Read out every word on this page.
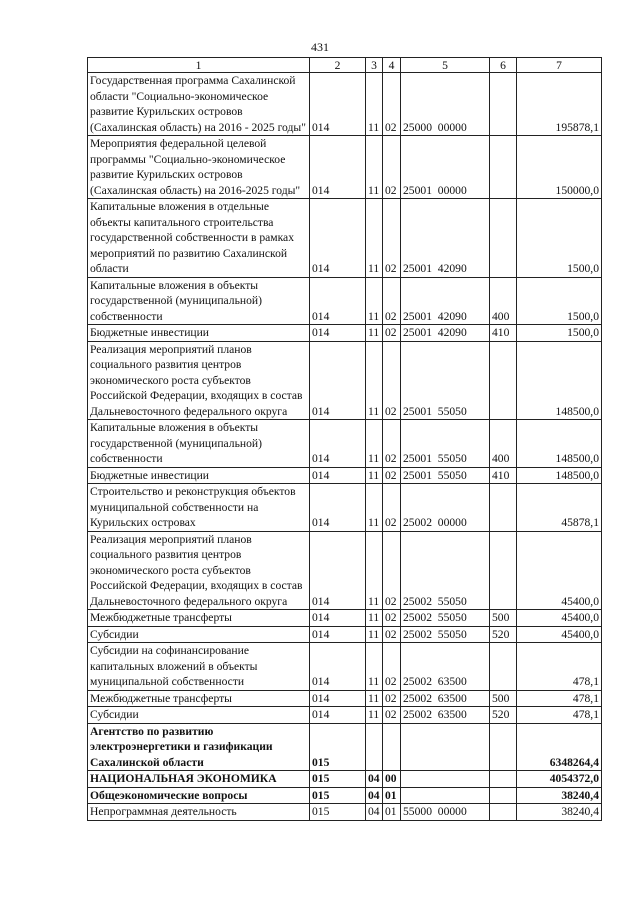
431
1	2	3	4	5	6	7
Государственная программа Сахалинской области "Социально-экономическое развитие Курильских островов (Сахалинская область) на 2016 - 2025 годы"	014	11	02	25000  00000		195878,1
Мероприятия федеральной целевой программы "Социально-экономическое развитие Курильских островов (Сахалинская область) на 2016-2025 годы"	014	11	02	25001  00000		150000,0
Капитальные вложения в отдельные объекты капитального строительства государственной собственности в рамках мероприятий по развитию Сахалинской области	014	11	02	25001  42090		1500,0
Капитальные вложения в объекты государственной (муниципальной) собственности	014	11	02	25001  42090	400	1500,0
Бюджетные инвестиции	014	11	02	25001  42090	410	1500,0
Реализация мероприятий планов социального развития центров экономического роста субъектов Российской Федерации, входящих в состав Дальневосточного федерального округа	014	11	02	25001  55050		148500,0
Капитальные вложения в объекты государственной (муниципальной) собственности	014	11	02	25001  55050	400	148500,0
Бюджетные инвестиции	014	11	02	25001  55050	410	148500,0
Строительство и реконструкция объектов муниципальной собственности на Курильских островах	014	11	02	25002  00000		45878,1
Реализация мероприятий планов социального развития центров экономического роста субъектов Российской Федерации, входящих в состав Дальневосточного федерального округа	014	11	02	25002  55050		45400,0
Межбюджетные трансферты	014	11	02	25002  55050	500	45400,0
Субсидии	014	11	02	25002  55050	520	45400,0
Субсидии на софинансирование капитальных вложений в объекты муниципальной собственности	014	11	02	25002  63500		478,1
Межбюджетные трансферты	014	11	02	25002  63500	500	478,1
Субсидии	014	11	02	25002  63500	520	478,1
Агентство по развитию электроэнергетики и газификации Сахалинской области	015					6348264,4
НАЦИОНАЛЬНАЯ ЭКОНОМИКА	015	04	00			4054372,0
Общеэкономические вопросы	015	04	01			38240,4
Непрограммная деятельность	015	04	01	55000  00000		38240,4
